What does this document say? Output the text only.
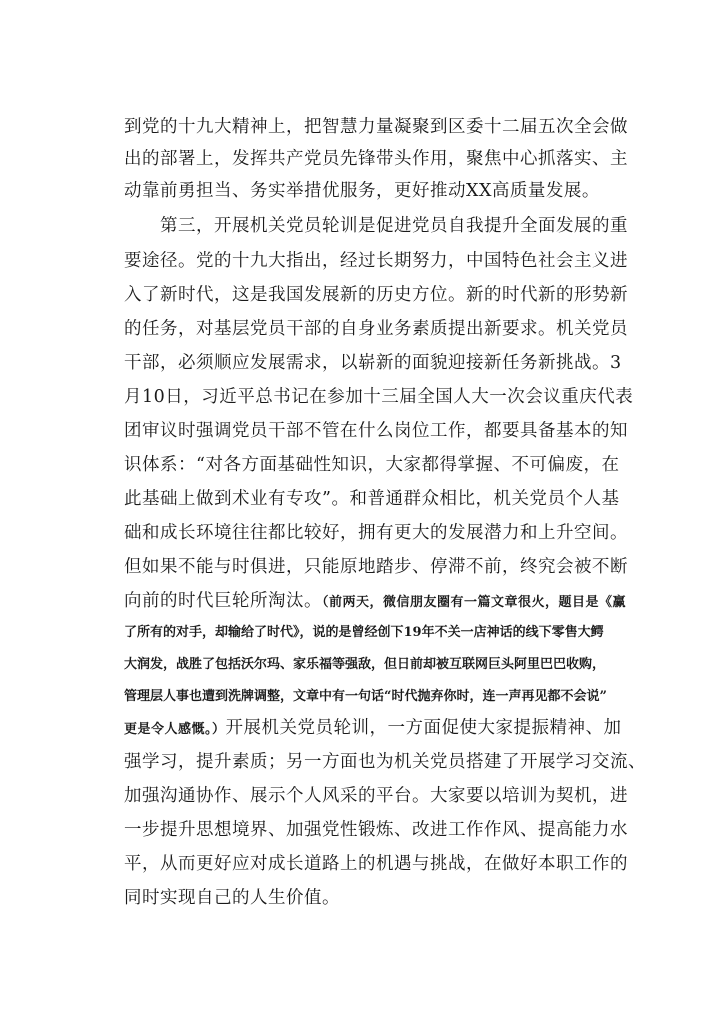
到党的十九大精神上，把智慧力量凝聚到区委十二届五次全会做
出的部署上，发挥共产党员先锋带头作用，聚焦中心抓落实、主
动靠前勇担当、务实举措优服务，更好推动XX高质量发展。
　　第三，开展机关党员轮训是促进党员自我提升全面发展的重
要途径。党的十九大指出，经过长期努力，中国特色社会主义进
入了新时代，这是我国发展新的历史方位。新的时代新的形势新
的任务，对基层党员干部的自身业务素质提出新要求。机关党员
干部，必须顺应发展需求，以崭新的面貌迎接新任务新挑战。3
月10日，习近平总书记在参加十三届全国人大一次会议重庆代表
团审议时强调党员干部不管在什么岗位工作，都要具备基本的知
识体系：“对各方面基础性知识，大家都得掌握、不可偏废，在
此基础上做到术业有专攻”。和普通群众相比，机关党员个人基
础和成长环境往往都比较好，拥有更大的发展潜力和上升空间。
但如果不能与时俱进，只能原地踏步、停滞不前，终究会被不断
向前的时代巨轮所淘汰。（前两天，微信朋友圈有一篇文章很火，题目是《赢
了所有的对手，却输给了时代》，说的是曾经创下19年不关一店神话的线下零售大鳄
大润发，战胜了包括沃尔玛、家乐福等强敌，但日前却被互联网巨头阿里巴巴收购，
管理层人事也遭到洗牌调整，文章中有一句话“时代抛弃你时，连一声再见都不会说”
更是令人感慨。）开展机关党员轮训，一方面促使大家提振精神、加
强学习，提升素质；另一方面也为机关党员搭建了开展学习交流、
加强沟通协作、展示个人风采的平台。大家要以培训为契机，进
一步提升思想境界、加强党性锻炼、改进工作作风、提高能力水
平，从而更好应对成长道路上的机遇与挑战，在做好本职工作的
同时实现自己的人生价值。
